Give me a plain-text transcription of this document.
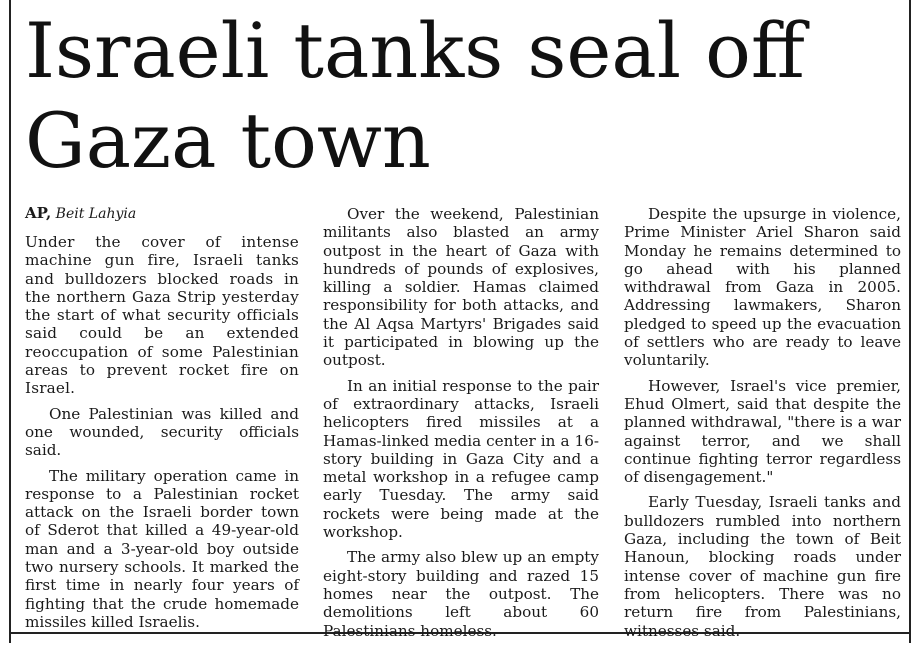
Israeli tanks seal off Gaza town
AP, Beit Lahyia

Under the cover of intense machine gun fire, Israeli tanks and bulldozers blocked roads in the northern Gaza Strip yesterday the start of what security officials said could be an extended reoccupation of some Palestinian areas to prevent rocket fire on Israel.

One Palestinian was killed and one wounded, security officials said.

The military operation came in response to a Palestinian rocket attack on the Israeli border town of Sderot that killed a 49-year-old man and a 3-year-old boy outside two nursery schools. It marked the first time in nearly four years of fighting that the crude homemade missiles killed Israelis.

Over the weekend, Palestinian militants also blasted an army outpost in the heart of Gaza with hundreds of pounds of explosives, killing a soldier. Hamas claimed responsibility for both attacks, and the Al Aqsa Martyrs' Brigades said it participated in blowing up the outpost.

In an initial response to the pair of extraordinary attacks, Israeli helicopters fired missiles at a Hamas-linked media center in a 16-story building in Gaza City and a metal workshop in a refugee camp early Tuesday. The army said rockets were being made at the workshop.

The army also blew up an empty eight-story building and razed 15 homes near the outpost. The demolitions left about 60 Palestinians homeless.

Despite the upsurge in violence, Prime Minister Ariel Sharon said Monday he remains determined to go ahead with his planned withdrawal from Gaza in 2005. Addressing lawmakers, Sharon pledged to speed up the evacuation of settlers who are ready to leave voluntarily.

However, Israel's vice premier, Ehud Olmert, said that despite the planned withdrawal, "there is a war against terror, and we shall continue fighting terror regardless of disengagement."

Early Tuesday, Israeli tanks and bulldozers rumbled into northern Gaza, including the town of Beit Hanoun, blocking roads under intense cover of machine gun fire from helicopters. There was no return fire from Palestinians, witnesses said.
